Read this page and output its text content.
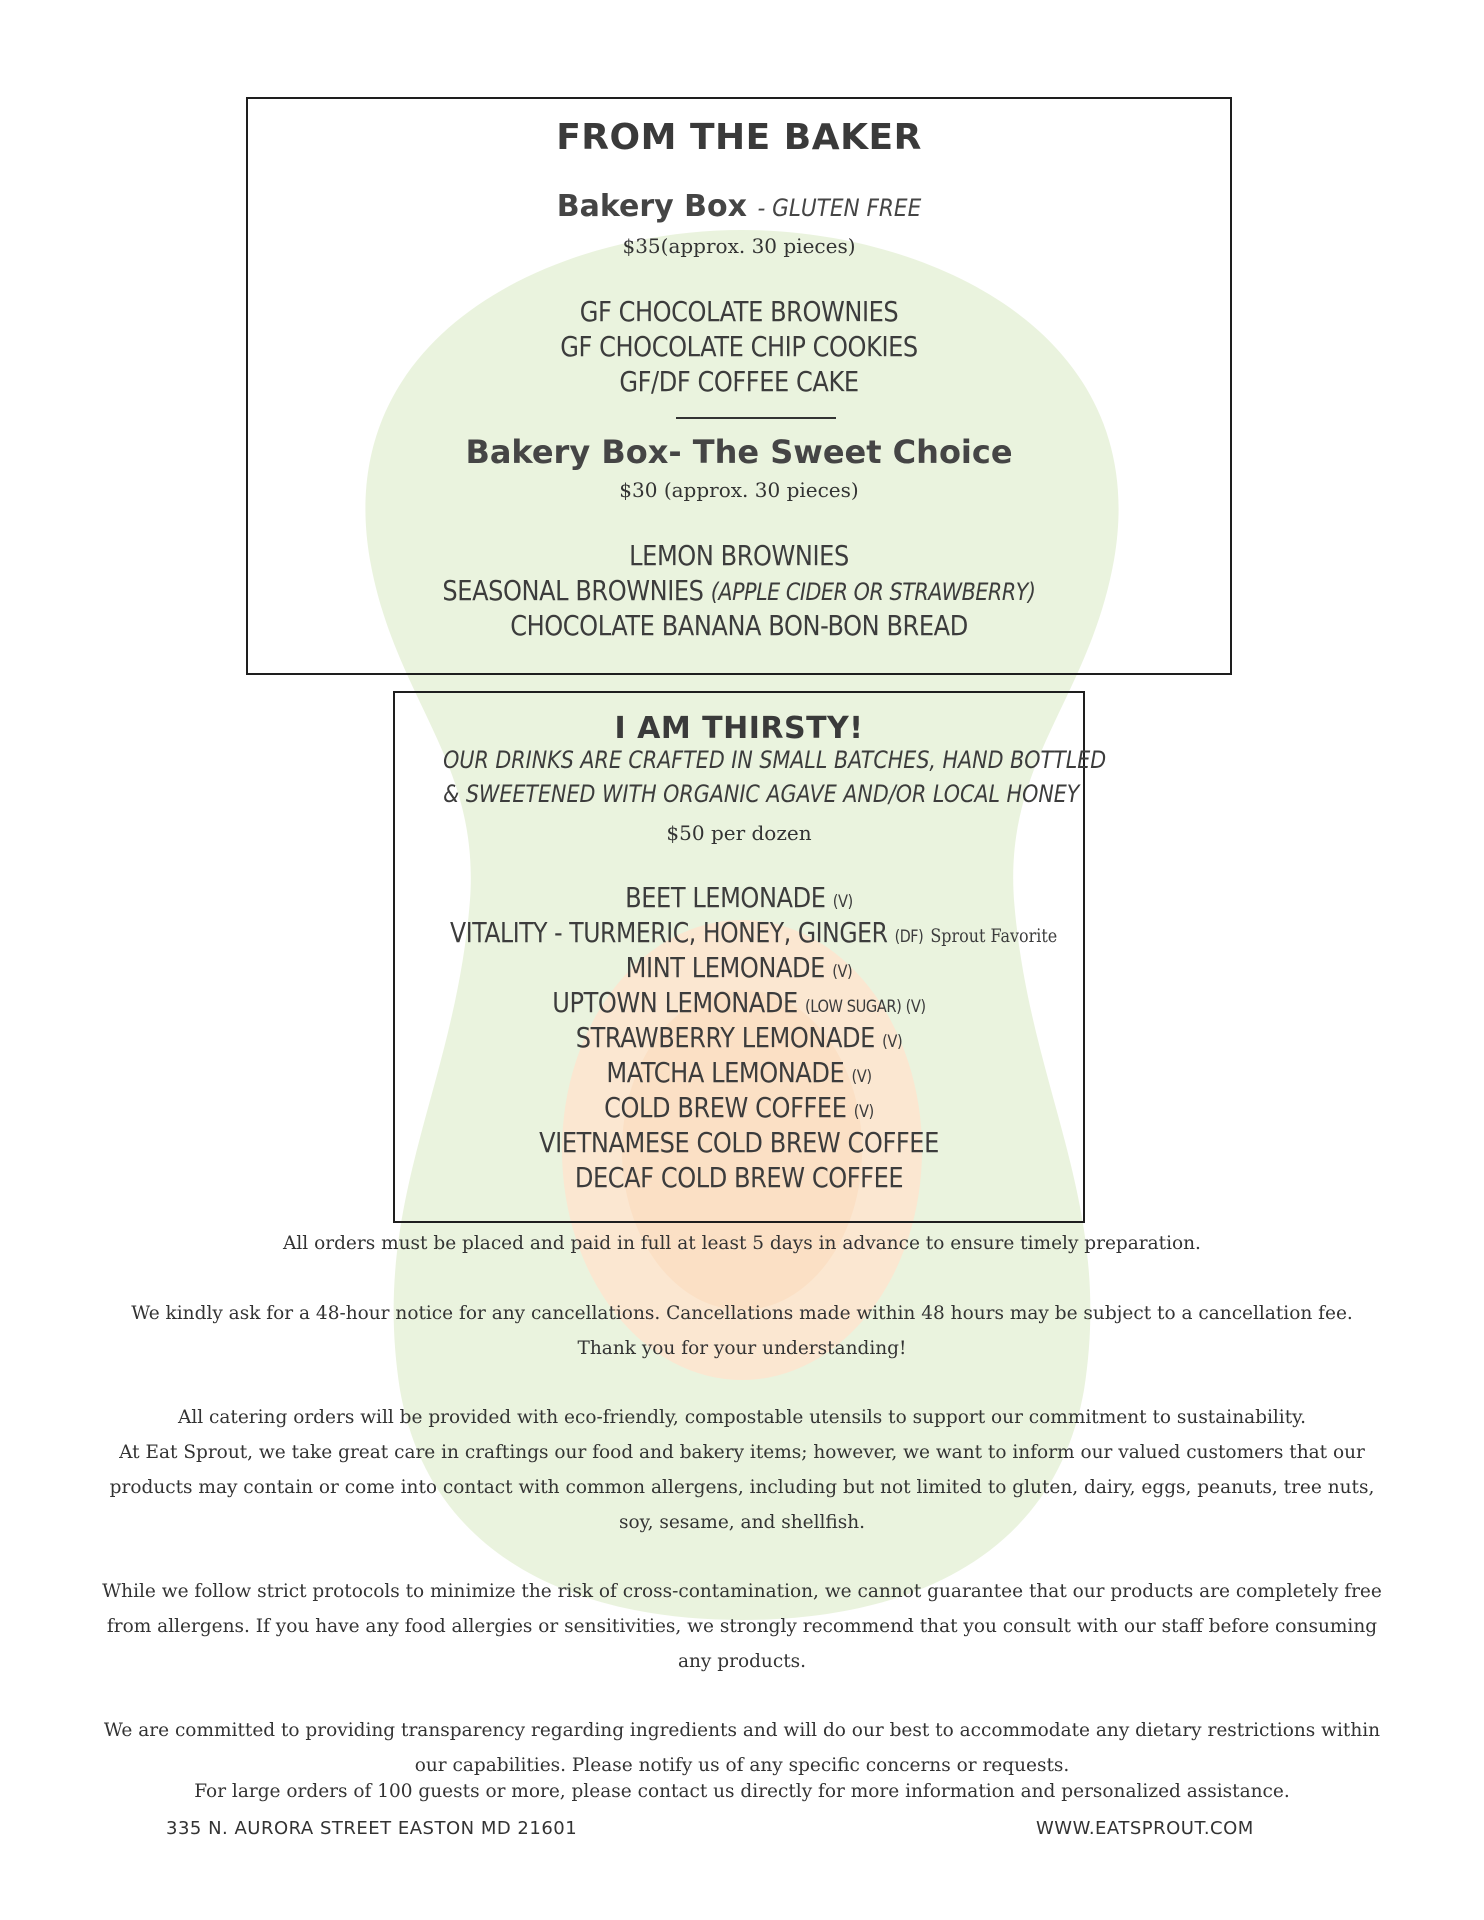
FROM THE BAKER
Bakery Box - GLUTEN FREE
$35(approx. 30 pieces)
GF CHOCOLATE BROWNIES
GF CHOCOLATE CHIP COOKIES
GF/DF COFFEE CAKE
Bakery Box- The Sweet Choice
$30 (approx. 30 pieces)
LEMON BROWNIES
SEASONAL BROWNIES (APPLE CIDER OR STRAWBERRY)
CHOCOLATE BANANA BON-BON BREAD
I AM THIRSTY!
OUR DRINKS ARE CRAFTED IN SMALL BATCHES, HAND BOTTLED
& SWEETENED WITH ORGANIC AGAVE AND/OR LOCAL HONEY
$50 per dozen
BEET LEMONADE (V)
VITALITY - TURMERIC, HONEY, GINGER (DF) Sprout Favorite
MINT LEMONADE (V)
UPTOWN LEMONADE (LOW SUGAR) (V)
STRAWBERRY LEMONADE (V)
MATCHA LEMONADE (V)
COLD BREW COFFEE (V)
VIETNAMESE COLD BREW COFFEE
DECAF COLD BREW COFFEE
All orders must be placed and paid in full at least 5 days in advance to ensure timely preparation.
We kindly ask for a 48-hour notice for any cancellations. Cancellations made within 48 hours may be subject to a cancellation fee.
Thank you for your understanding!
All catering orders will be provided with eco-friendly, compostable utensils to support our commitment to sustainability.
At Eat Sprout, we take great care in craftings our food and bakery items; however, we want to inform our valued customers that our
products may contain or come into contact with common allergens, including but not limited to gluten, dairy, eggs, peanuts, tree nuts,
soy, sesame, and shellfish.
While we follow strict protocols to minimize the risk of cross-contamination, we cannot guarantee that our products are completely free
from allergens. If you have any food allergies or sensitivities, we strongly recommend that you consult with our staff before consuming
any products.
We are committed to providing transparency regarding ingredients and will do our best to accommodate any dietary restrictions within
our capabilities. Please notify us of any specific concerns or requests.
For large orders of 100 guests or more, please contact us directly for more information and personalized assistance.
335 N. AURORA STREET EASTON MD 21601	WWW.EATSPROUT.COM
